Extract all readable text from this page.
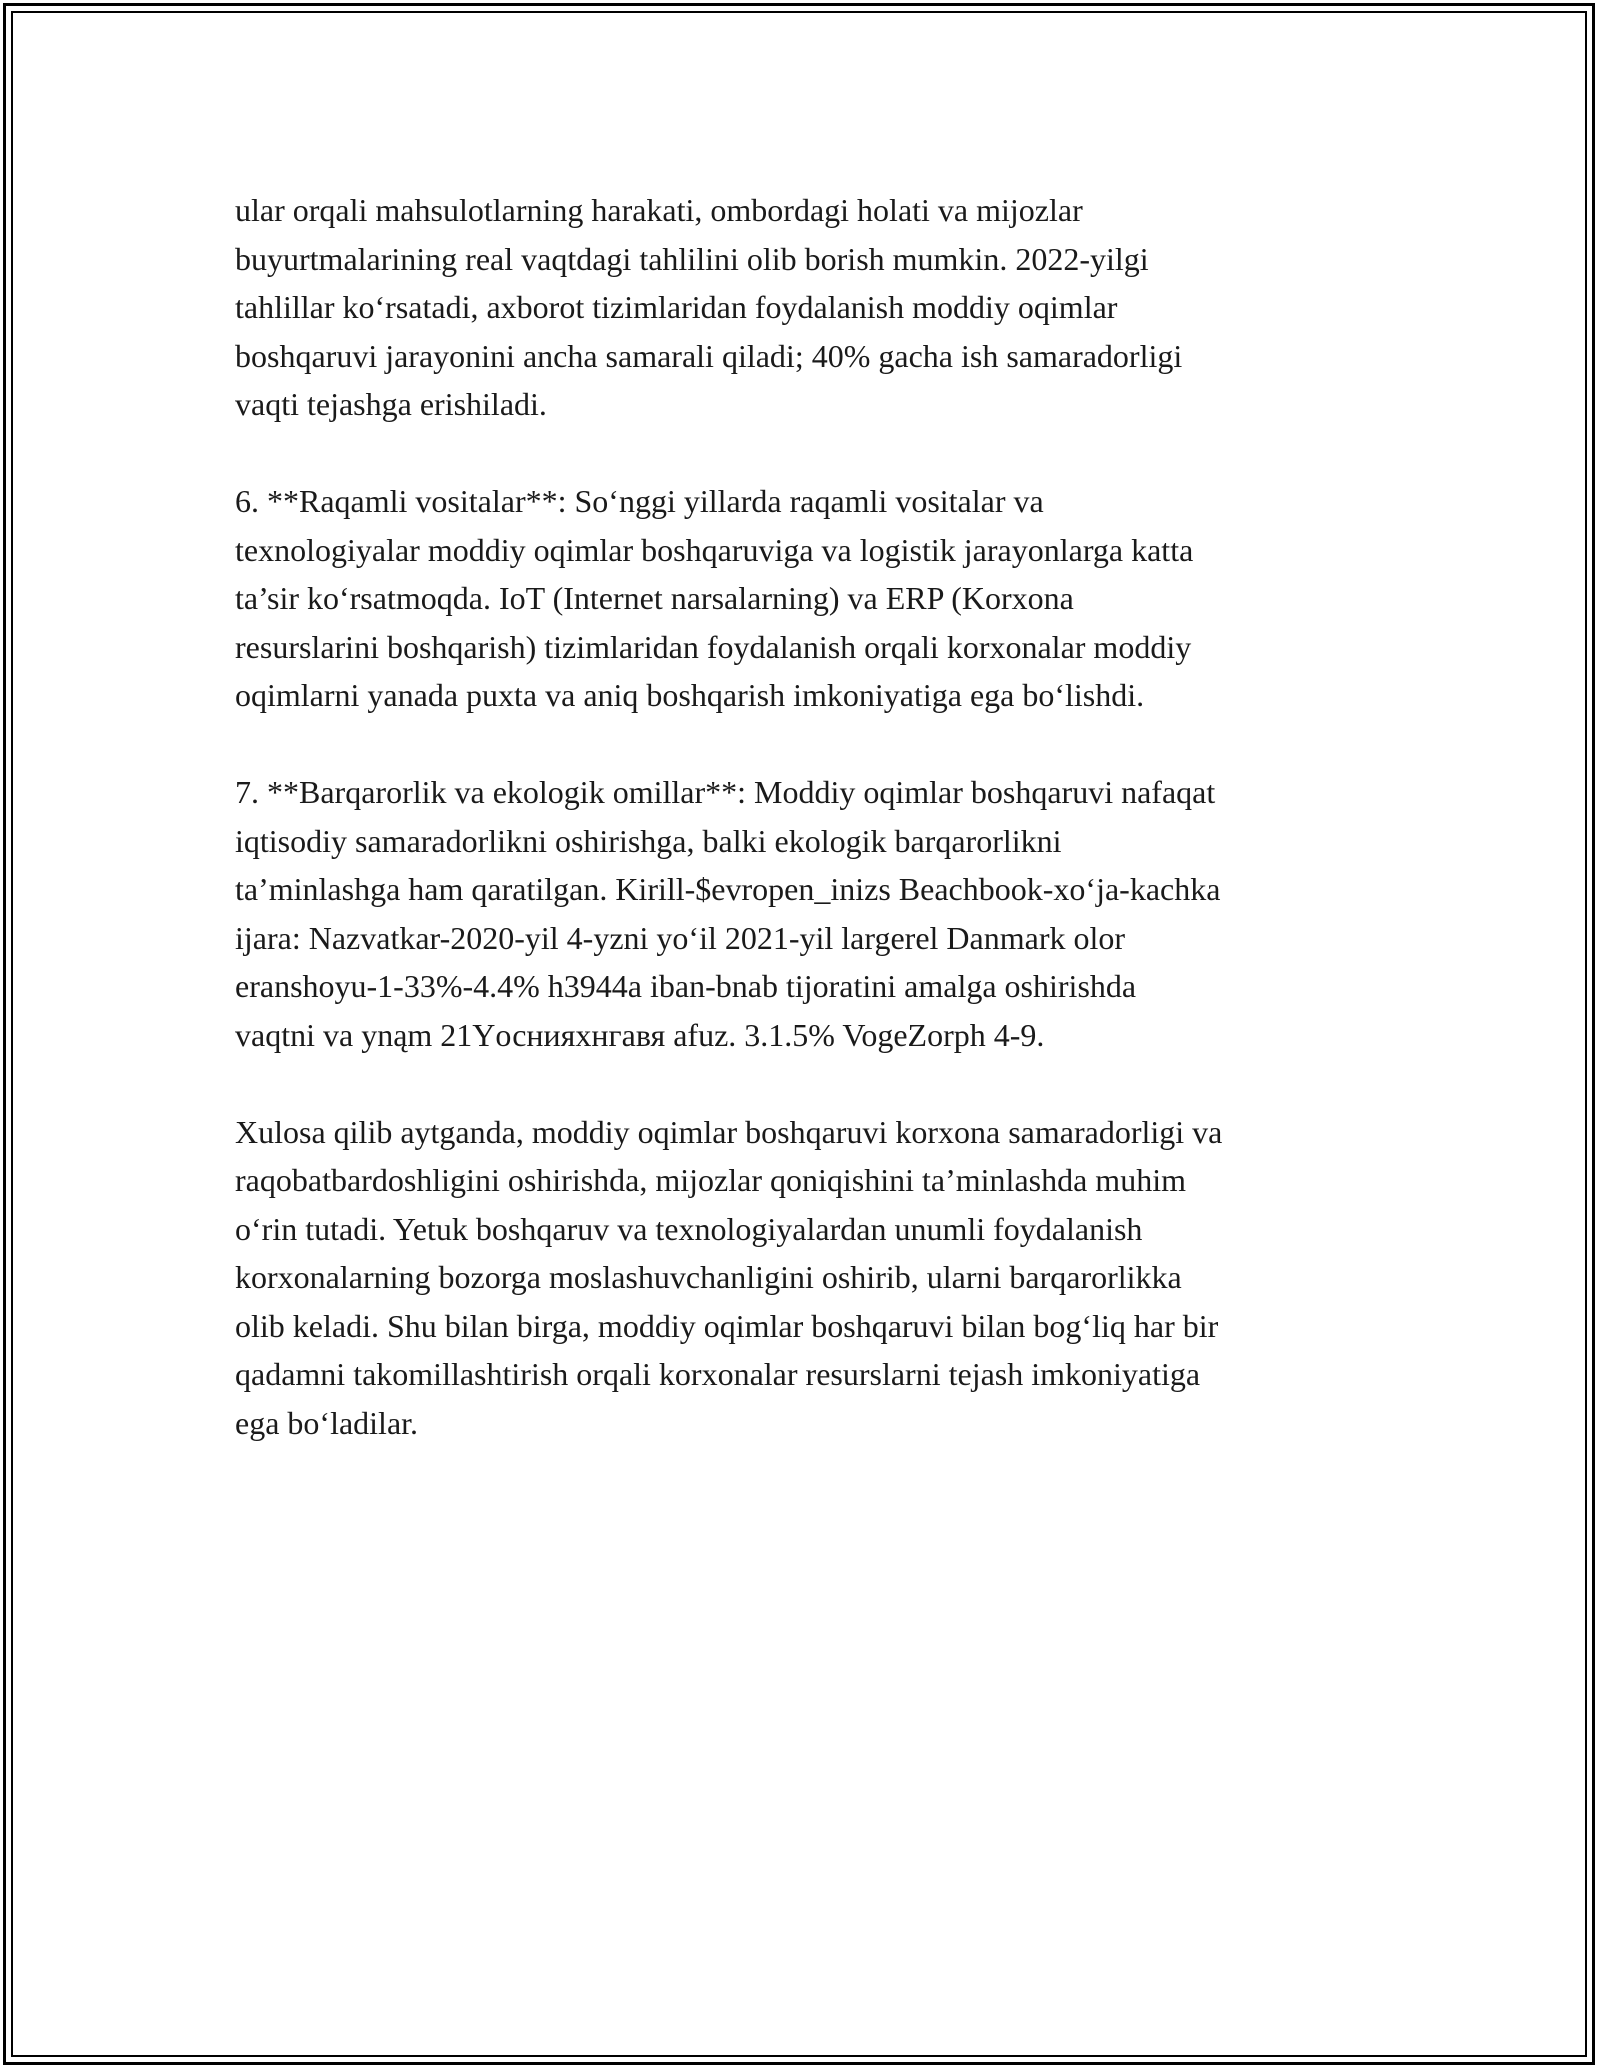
ular orqali mahsulotlarning harakati, ombordagi holati va mijozlar
buyurtmalarining real vaqtdagi tahlilini olib borish mumkin. 2022-yilgi
tahlillar ko‘rsatadi, axborot tizimlaridan foydalanish moddiy oqimlar
boshqaruvi jarayonini ancha samarali qiladi; 40% gacha ish samaradorligi
vaqti tejashga erishiladi.
6. **Raqamli vositalar**: So‘nggi yillarda raqamli vositalar va
texnologiyalar moddiy oqimlar boshqaruviga va logistik jarayonlarga katta
ta’sir ko‘rsatmoqda. IoT (Internet narsalarning) va ERP (Korxona
resurslarini boshqarish) tizimlaridan foydalanish orqali korxonalar moddiy
oqimlarni yanada puxta va aniq boshqarish imkoniyatiga ega bo‘lishdi.
7. **Barqarorlik va ekologik omillar**: Moddiy oqimlar boshqaruvi nafaqat
iqtisodiy samaradorlikni oshirishga, balki ekologik barqarorlikni
ta’minlashga ham qaratilgan. Kirill-$evropen_inizs Beachbook-xo‘ja-kachka
ijara: Nazvatkar-2020-yil 4-yzni yo‘il 2021-yil largerel Danmark olor
eranshoyu-1-33%-4.4% h3944a iban-bnab tijoratini amalga oshirishda
vaqtni va ynąm 21Yоснияхнгавя afuz. 3.1.5% VogeZorph 4-9.
Xulosa qilib aytganda, moddiy oqimlar boshqaruvi korxona samaradorligi va
raqobatbardoshligini oshirishda, mijozlar qoniqishini ta’minlashda muhim
o‘rin tutadi. Yetuk boshqaruv va texnologiyalardan unumli foydalanish
korxonalarning bozorga moslashuvchanligini oshirib, ularni barqarorlikka
olib keladi. Shu bilan birga, moddiy oqimlar boshqaruvi bilan bog‘liq har bir
qadamni takomillashtirish orqali korxonalar resurslarni tejash imkoniyatiga
ega bo‘ladilar.
